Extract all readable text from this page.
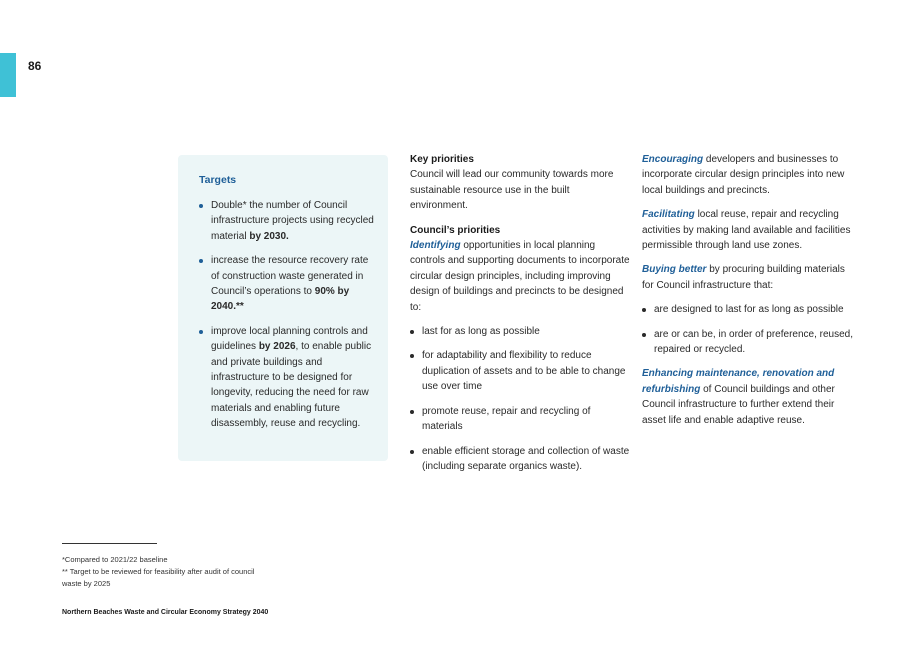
86
Targets
Double* the number of Council infrastructure projects using recycled material by 2030.
increase the resource recovery rate of construction waste generated in Council’s operations to 90% by 2040.**
improve local planning controls and guidelines by 2026, to enable public and private buildings and infrastructure to be designed for longevity, reducing the need for raw materials and enabling future disassembly, reuse and recycling.

Key priorities

Council will lead our community towards more sustainable resource use in the built environment.

Council’s priorities

Identifying opportunities in local planning controls and supporting documents to incorporate circular design principles, including improving design of buildings and precincts to be designed to:

last for as long as possible
for adaptability and flexibility to reduce duplication of assets and to be able to change use over time
promote reuse, repair and recycling of materials
enable efficient storage and collection of waste (including separate organics waste).

Encouraging developers and businesses to incorporate circular design principles into new local buildings and precincts.

Facilitating local reuse, repair and recycling activities by making land available and facilities permissible through land use zones.

Buying better by procuring building materials for Council infrastructure that:

are designed to last for as long as possible
are or can be, in order of preference, reused, repaired or recycled.

Enhancing maintenance, renovation and refurbishing of Council buildings and other Council infrastructure to further extend their asset life and enable adaptive reuse.

*Compared to 2021/22 baseline
** Target to be reviewed for feasibility after audit of council waste by 2025
Northern Beaches Waste and Circular Economy Strategy 2040
